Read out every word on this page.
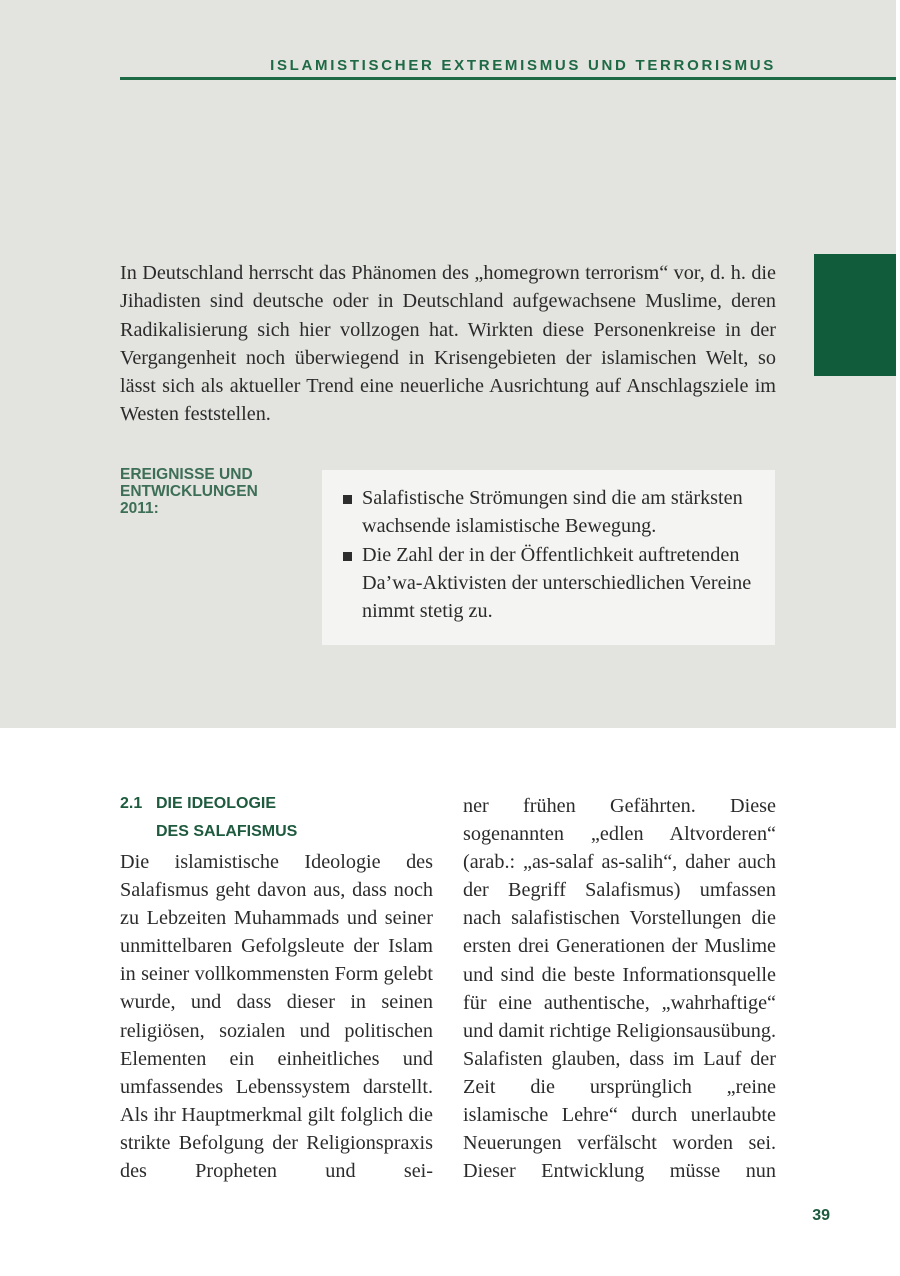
ISLAMISTISCHER EXTREMISMUS UND TERRORISMUS

In Deutschland herrscht das Phänomen des „homegrown terrorism“ vor, d. h. die Jihadisten sind deutsche oder in Deutschland aufgewachsene Muslime, deren Radikalisierung sich hier vollzogen hat. Wirkten diese Personenkreise in der Vergangenheit noch überwiegend in Krisengebieten der islamischen Welt, so lässt sich als aktueller Trend eine neuerliche Ausrichtung auf Anschlagsziele im Westen feststellen.

EREIGNISSE UND
ENTWICKLUNGEN
2011:	Salafistische Strömungen sind die am stärksten wachsende islamistische Bewegung.
Die Zahl der in der Öffentlichkeit auftretenden Da’wa-Aktivisten der unterschiedlichen Vereine nimmt stetig zu.
2.1 DIE IDEOLOGIE
DES SALAFISMUS

Die islamistische Ideologie des Salafismus geht davon aus, dass noch zu Lebzeiten Muhammads und seiner unmittelbaren Gefolgsleute der Islam in seiner vollkommensten Form gelebt wurde, und dass dieser in seinen religiösen, sozialen und politischen Elementen ein einheitliches und umfassendes Lebenssystem darstellt. Als ihr Hauptmerkmal gilt folglich die strikte Befolgung der Religionspraxis des Propheten und sei-

ner frühen Gefährten. Diese sogenannten „edlen Altvorderen“ (arab.: „as-salaf as-salih“, daher auch der Begriff Salafismus) umfassen nach salafistischen Vorstellungen die ersten drei Generationen der Muslime und sind die beste Informationsquelle für eine authentische, „wahrhaftige“ und damit richtige Religionsausübung. Salafisten glauben, dass im Lauf der Zeit die ursprünglich „reine islamische Lehre“ durch unerlaubte Neuerungen verfälscht worden sei. Dieser Entwicklung müsse nun

39
